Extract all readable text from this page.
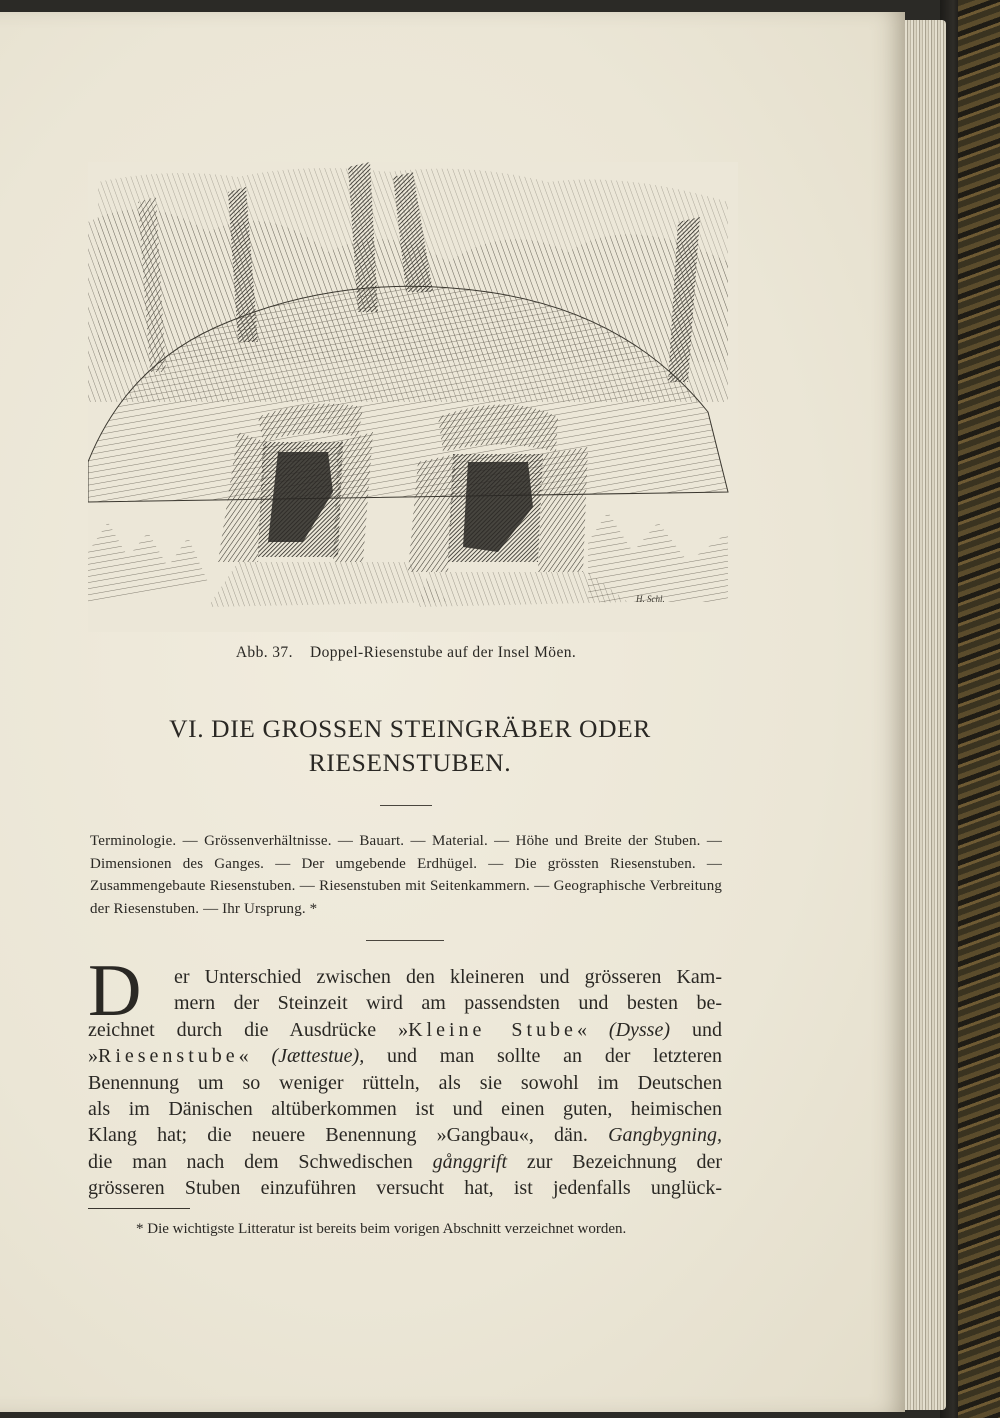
H. Schl.
Abb. 37. Doppel-Riesenstube auf der Insel Möen.
VI. DIE GROSSEN STEINGRÄBER ODER
RIESENSTUBEN.
Terminologie. — Grössenverhältnisse. — Bauart. — Material. — Höhe und Breite der Stuben. — Dimensionen des Ganges. — Der umgebende Erdhügel. — Die grössten Riesenstuben. — Zusammengebaute Riesenstuben. — Riesenstuben mit Seitenkammern. — Geographische Verbreitung der Riesenstuben. — Ihr Ursprung. *
D	er Unterschied zwischen den kleineren und grösseren Kam-
mern der Steinzeit wird am passendsten und besten be-
zeichnet durch die Ausdrücke »Kleine Stube« (Dysse) und
»Riesenstube« (Jættestue), und man sollte an der letzteren
Benennung um so weniger rütteln, als sie sowohl im Deutschen
als im Dänischen altüberkommen ist und einen guten, heimischen
Klang hat; die neuere Benennung »Gangbau«, dän. Gangbygning,
die man nach dem Schwedischen gånggrift zur Bezeichnung der
grösseren Stuben einzuführen versucht hat, ist jedenfalls unglück-
* Die wichtigste Litteratur ist bereits beim vorigen Abschnitt verzeichnet worden.
